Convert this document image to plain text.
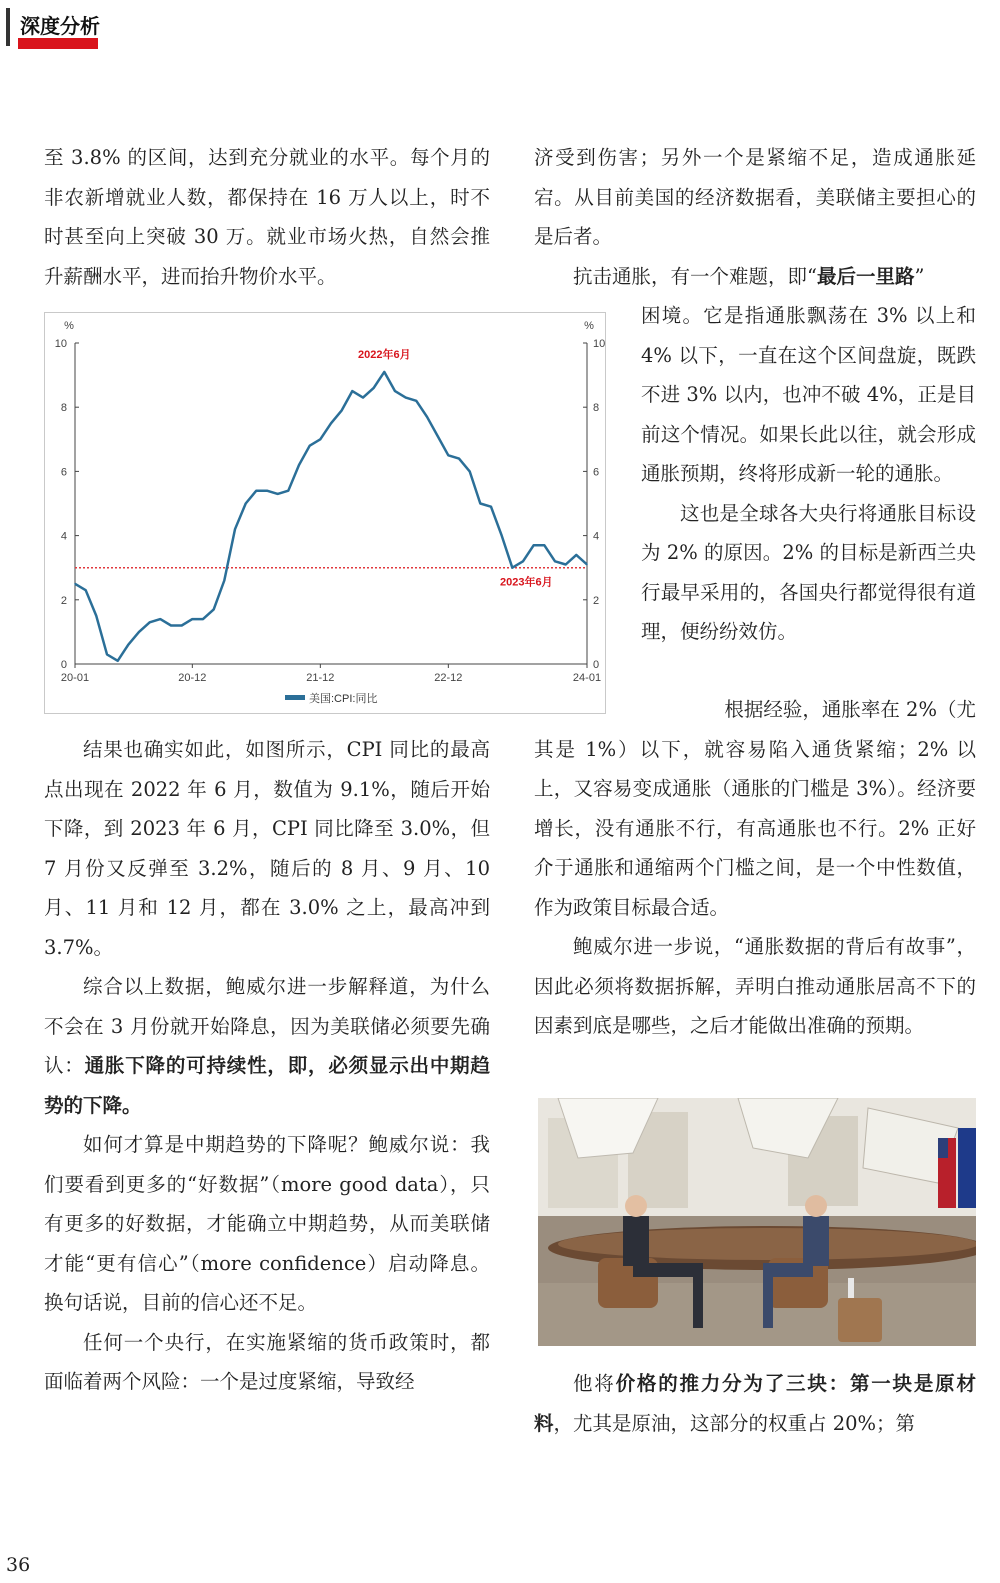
深度分析

至 3.8% 的区间，达到充分就业的水平。每个月的非农新增就业人数，都保持在 16 万人以上，时不时甚至向上突破 30 万。就业市场火热，自然会推升薪酬水平，进而抬升物价水平。

%	%
0	0
2	2
4	4
6	6
8	8
10	10
20-01	20-12	21-12	22-12	24-01
2022年6月
2023年6月
美国:CPI:同比

结果也确实如此，如图所示，CPI 同比的最高点出现在 2022 年 6 月，数值为 9.1%，随后开始下降，到 2023 年 6 月，CPI 同比降至 3.0%，但 7 月份又反弹至 3.2%，随后的 8 月、9 月、10 月、11 月和 12 月，都在 3.0% 之上，最高冲到 3.7%。

综合以上数据，鲍威尔进一步解释道，为什么不会在 3 月份就开始降息，因为美联储必须要先确认：通胀下降的可持续性，即，必须显示出中期趋势的下降。

如何才算是中期趋势的下降呢？鲍威尔说：我们要看到更多的“好数据”（more good data），只有更多的好数据，才能确立中期趋势，从而美联储才能“更有信心”（more confidence）启动降息。换句话说，目前的信心还不足。

任何一个央行，在实施紧缩的货币政策时，都面临着两个风险：一个是过度紧缩，导致经

济受到伤害；另外一个是紧缩不足，造成通胀延宕。从目前美国的经济数据看，美联储主要担心的是后者。

抗击通胀，有一个难题，即“最后一里路”

困境。它是指通胀飘荡在 3% 以上和 4% 以下，一直在这个区间盘旋，既跌不进 3% 以内，也冲不破 4%，正是目前这个情况。如果长此以往，就会形成通胀预期，终将形成新一轮的通胀。

这也是全球各大央行将通胀目标设为 2% 的原因。2% 的目标是新西兰央行最早采用的，各国央行都觉得很有道理，便纷纷效仿。

根据经验，通胀率在 2%（尤

其是 1%）以下，就容易陷入通货紧缩；2% 以上，又容易变成通胀（通胀的门槛是 3%）。经济要增长，没有通胀不行，有高通胀也不行。2% 正好介于通胀和通缩两个门槛之间，是一个中性数值，作为政策目标最合适。

鲍威尔进一步说，“通胀数据的背后有故事”，因此必须将数据拆解，弄明白推动通胀居高不下的因素到底是哪些，之后才能做出准确的预期。

他将价格的推力分为了三块：第一块是原材料，尤其是原油，这部分的权重占 20%；第

36
